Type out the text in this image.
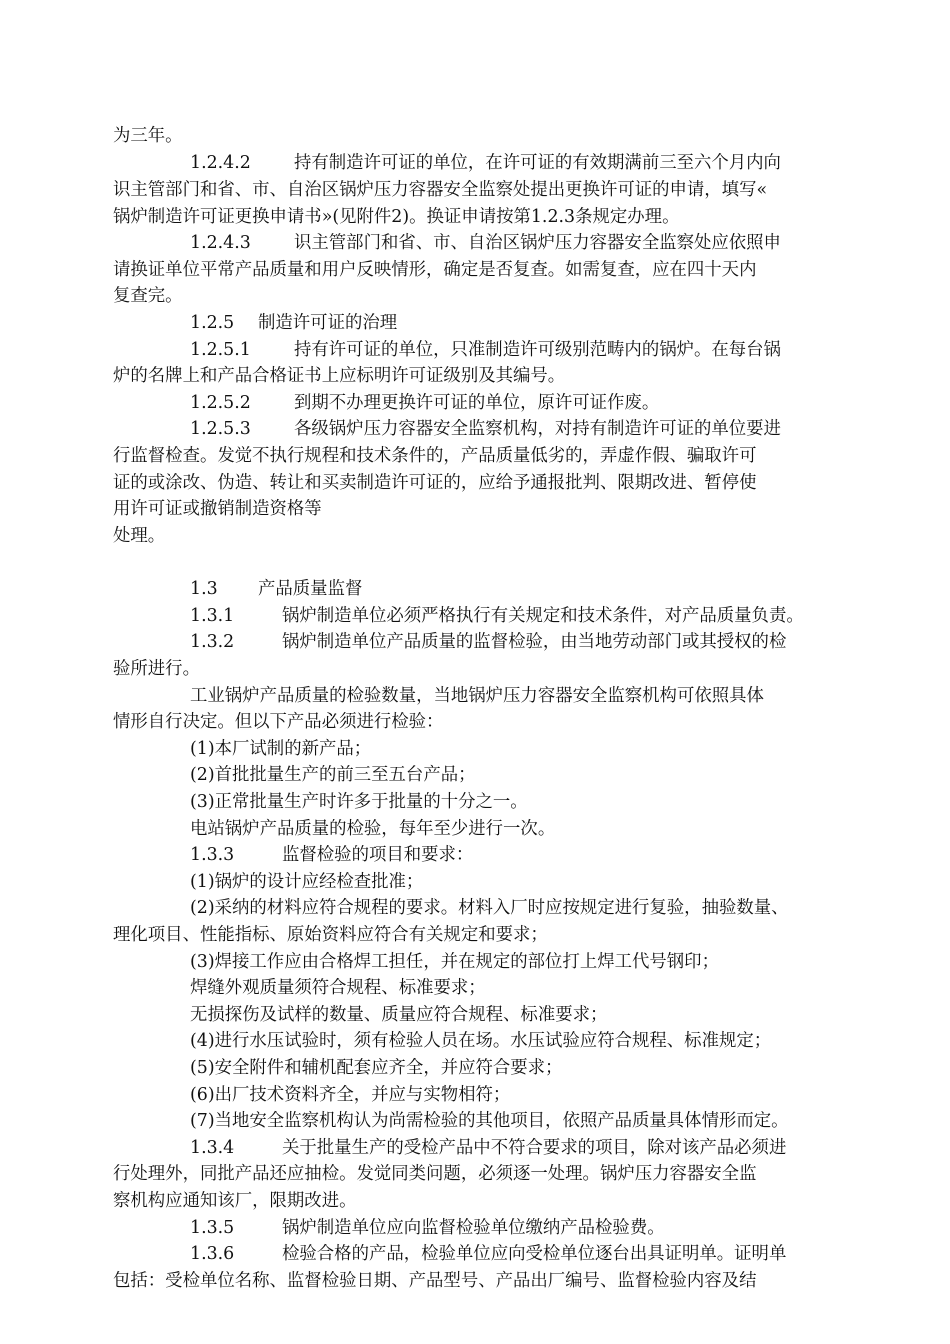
为三年。
1.2.4.2 持有制造许可证的单位，在许可证的有效期满前三至六个月内向
识主管部门和省、市、自治区锅炉压力容器安全监察处提出更换许可证的申请，填写«
锅炉制造许可证更换申请书»(见附件2)。换证申请按第1.2.3条规定办理。
1.2.4.3 识主管部门和省、市、自治区锅炉压力容器安全监察处应依照申
请换证单位平常产品质量和用户反映情形，确定是否复查。如需复查，应在四十天内
复查完。
1.2.5 制造许可证的治理
1.2.5.1 持有许可证的单位，只准制造许可级别范畴内的锅炉。在每台锅
炉的名牌上和产品合格证书上应标明许可证级别及其编号。
1.2.5.2 到期不办理更换许可证的单位，原许可证作废。
1.2.5.3 各级锅炉压力容器安全监察机构，对持有制造许可证的单位要进
行监督检查。发觉不执行规程和技术条件的，产品质量低劣的，弄虚作假、骗取许可
证的或涂改、伪造、转让和买卖制造许可证的，应给予通报批判、限期改进、暂停使
用许可证或撤销制造资格等
处理。
1.3 产品质量监督
1.3.1	锅炉制造单位必须严格执行有关规定和技术条件，对产品质量负责。
1.3.2	锅炉制造单位产品质量的监督检验，由当地劳动部门或其授权的检
验所进行。
工业锅炉产品质量的检验数量，当地锅炉压力容器安全监察机构可依照具体
情形自行决定。但以下产品必须进行检验：
(1)本厂试制的新产品；
(2)首批批量生产的前三至五台产品；
(3)正常批量生产时许多于批量的十分之一。
电站锅炉产品质量的检验，每年至少进行一次。
1.3.3	监督检验的项目和要求：
(1)锅炉的设计应经检查批准；
(2)采纳的材料应符合规程的要求。材料入厂时应按规定进行复验，抽验数量、
理化项目、性能指标、原始资料应符合有关规定和要求；
(3)焊接工作应由合格焊工担任，并在规定的部位打上焊工代号钢印；
焊缝外观质量须符合规程、标准要求；
无损探伤及试样的数量、质量应符合规程、标准要求；
(4)进行水压试验时，须有检验人员在场。水压试验应符合规程、标准规定；
(5)安全附件和辅机配套应齐全，并应符合要求；
(6)出厂技术资料齐全，并应与实物相符；
(7)当地安全监察机构认为尚需检验的其他项目，依照产品质量具体情形而定。
1.3.4	关于批量生产的受检产品中不符合要求的项目，除对该产品必须进
行处理外，同批产品还应抽检。发觉同类问题，必须逐一处理。锅炉压力容器安全监
察机构应通知该厂，限期改进。
1.3.5	锅炉制造单位应向监督检验单位缴纳产品检验费。
1.3.6	检验合格的产品，检验单位应向受检单位逐台出具证明单。证明单
包括：受检单位名称、监督检验日期、产品型号、产品出厂编号、监督检验内容及结
